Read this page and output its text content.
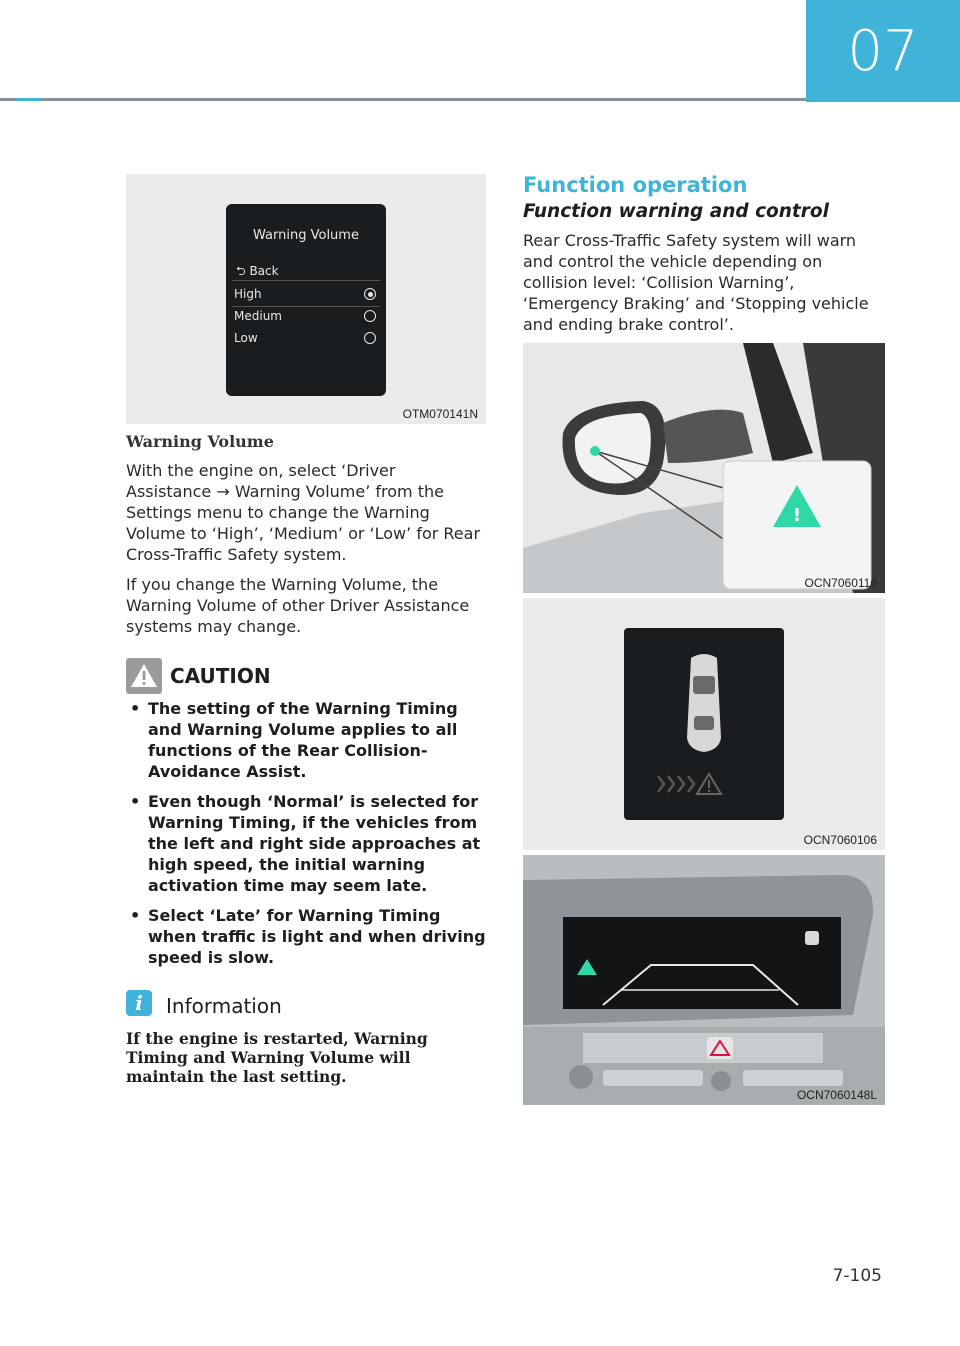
07
Warning Volume
⮌ Back
High
Medium
Low
OTM070141N
Warning Volume

With the engine on, select ‘Driver Assistance → Warning Volume’ from the Settings menu to change the Warning Volume to ‘High’, ‘Medium’ or ‘Low’ for Rear Cross-Traffic Safety system.

If you change the Warning Volume, the Warning Volume of other Driver Assistance systems may change.

CAUTION
• The setting of the Warning Timing and Warning Volume applies to all functions of the Rear Collision-Avoidance Assist.
• Even though ‘Normal’ is selected for Warning Timing, if the vehicles from the left and right side approaches at high speed, the initial warning activation time may seem late.
• Select ‘Late’ for Warning Timing when traffic is light and when driving speed is slow.
i	Information
If the engine is restarted, Warning Timing and Warning Volume will maintain the last setting.
Function operation
Function warning and control
Rear Cross-Traffic Safety system will warn and control the vehicle depending on collision level: ‘Collision Warning’, ‘Emergency Braking’ and ‘Stopping vehicle and ending brake control’.
!
OCN7060116
OCN7060106
OCN7060148L
7-105
